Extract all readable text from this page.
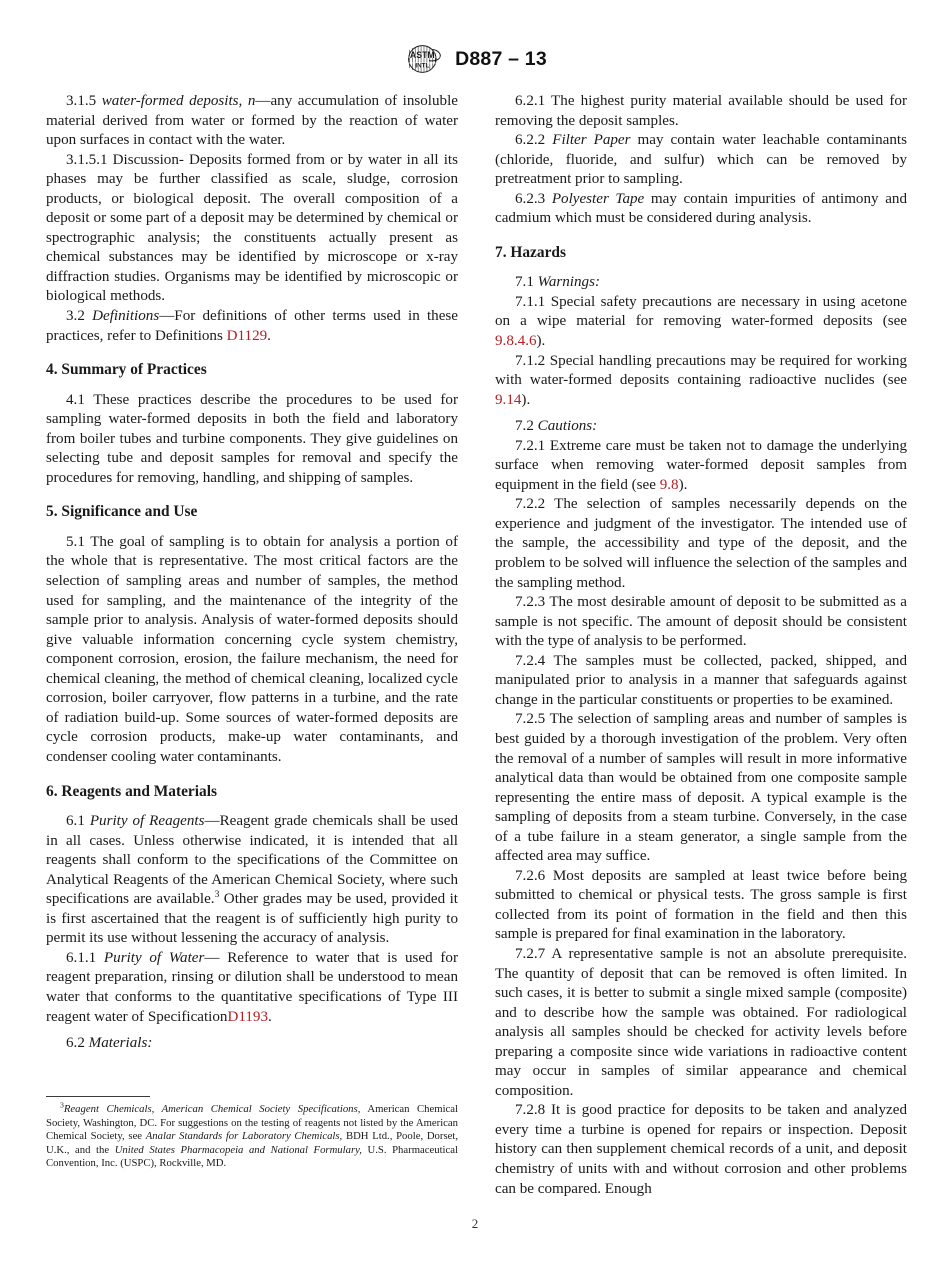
ASTM
INTL D887 – 13

3.1.5 water-formed deposits, n—any accumulation of insoluble material derived from water or formed by the reaction of water upon surfaces in contact with the water.

3.1.5.1 Discussion- Deposits formed from or by water in all its phases may be further classified as scale, sludge, corrosion products, or biological deposit. The overall composition of a deposit or some part of a deposit may be determined by chemical or spectrographic analysis; the constituents actually present as chemical substances may be identified by microscope or x-ray diffraction studies. Organisms may be identified by microscopic or biological methods.

3.2 Definitions—For definitions of other terms used in these practices, refer to Definitions D1129.

4. Summary of Practices

4.1 These practices describe the procedures to be used for sampling water-formed deposits in both the field and laboratory from boiler tubes and turbine components. They give guidelines on selecting tube and deposit samples for removal and specify the procedures for removing, handling, and shipping of samples.

5. Significance and Use

5.1 The goal of sampling is to obtain for analysis a portion of the whole that is representative. The most critical factors are the selection of sampling areas and number of samples, the method used for sampling, and the maintenance of the integrity of the sample prior to analysis. Analysis of water-formed deposits should give valuable information concerning cycle system chemistry, component corrosion, erosion, the failure mechanism, the need for chemical cleaning, the method of chemical cleaning, localized cycle corrosion, boiler carryover, flow patterns in a turbine, and the rate of radiation build-up. Some sources of water-formed deposits are cycle corrosion products, make-up water contaminants, and condenser cooling water contaminants.

6. Reagents and Materials

6.1 Purity of Reagents—Reagent grade chemicals shall be used in all cases. Unless otherwise indicated, it is intended that all reagents shall conform to the specifications of the Committee on Analytical Reagents of the American Chemical Society, where such specifications are available.$^3$ Other grades may be used, provided it is first ascertained that the reagent is of sufficiently high purity to permit its use without lessening the accuracy of analysis.

6.1.1 Purity of Water— Reference to water that is used for reagent preparation, rinsing or dilution shall be understood to mean water that conforms to the quantitative specifications of Type III reagent water of SpecificationD1193.

6.2 Materials:

6.2.1 The highest purity material available should be used for removing the deposit samples.

6.2.2 Filter Paper may contain water leachable contaminants (chloride, fluoride, and sulfur) which can be removed by pretreatment prior to sampling.

6.2.3 Polyester Tape may contain impurities of antimony and cadmium which must be considered during analysis.

7. Hazards

7.1 Warnings:

7.1.1 Special safety precautions are necessary in using acetone on a wipe material for removing water-formed deposits (see 9.8.4.6).

7.1.2 Special handling precautions may be required for working with water-formed deposits containing radioactive nuclides (see 9.14).

7.2 Cautions:

7.2.1 Extreme care must be taken not to damage the underlying surface when removing water-formed deposit samples from equipment in the field (see 9.8).

7.2.2 The selection of samples necessarily depends on the experience and judgment of the investigator. The intended use of the sample, the accessibility and type of the deposit, and the problem to be solved will influence the selection of the samples and the sampling method.

7.2.3 The most desirable amount of deposit to be submitted as a sample is not specific. The amount of deposit should be consistent with the type of analysis to be performed.

7.2.4 The samples must be collected, packed, shipped, and manipulated prior to analysis in a manner that safeguards against change in the particular constituents or properties to be examined.

7.2.5 The selection of sampling areas and number of samples is best guided by a thorough investigation of the problem. Very often the removal of a number of samples will result in more informative analytical data than would be obtained from one composite sample representing the entire mass of deposit. A typical example is the sampling of deposits from a steam turbine. Conversely, in the case of a tube failure in a steam generator, a single sample from the affected area may suffice.

7.2.6 Most deposits are sampled at least twice before being submitted to chemical or physical tests. The gross sample is first collected from its point of formation in the field and then this sample is prepared for final examination in the laboratory.

7.2.7 A representative sample is not an absolute prerequisite. The quantity of deposit that can be removed is often limited. In such cases, it is better to submit a single mixed sample (composite) and to describe how the sample was obtained. For radiological analysis all samples should be checked for activity levels before preparing a composite since wide variations in radioactive content may occur in samples of similar appearance and chemical composition.

7.2.8 It is good practice for deposits to be taken and analyzed every time a turbine is opened for repairs or inspection. Deposit history can then supplement chemical records of a unit, and deposit chemistry of units with and without corrosion and other problems can be compared. Enough

$^3$Reagent Chemicals, American Chemical Society Specifications, American Chemical Society, Washington, DC. For suggestions on the testing of reagents not listed by the American Chemical Society, see Analar Standards for Laboratory Chemicals, BDH Ltd., Poole, Dorset, U.K., and the United States Pharmacopeia and National Formulary, U.S. Pharmaceutical Convention, Inc. (USPC), Rockville, MD.

2
